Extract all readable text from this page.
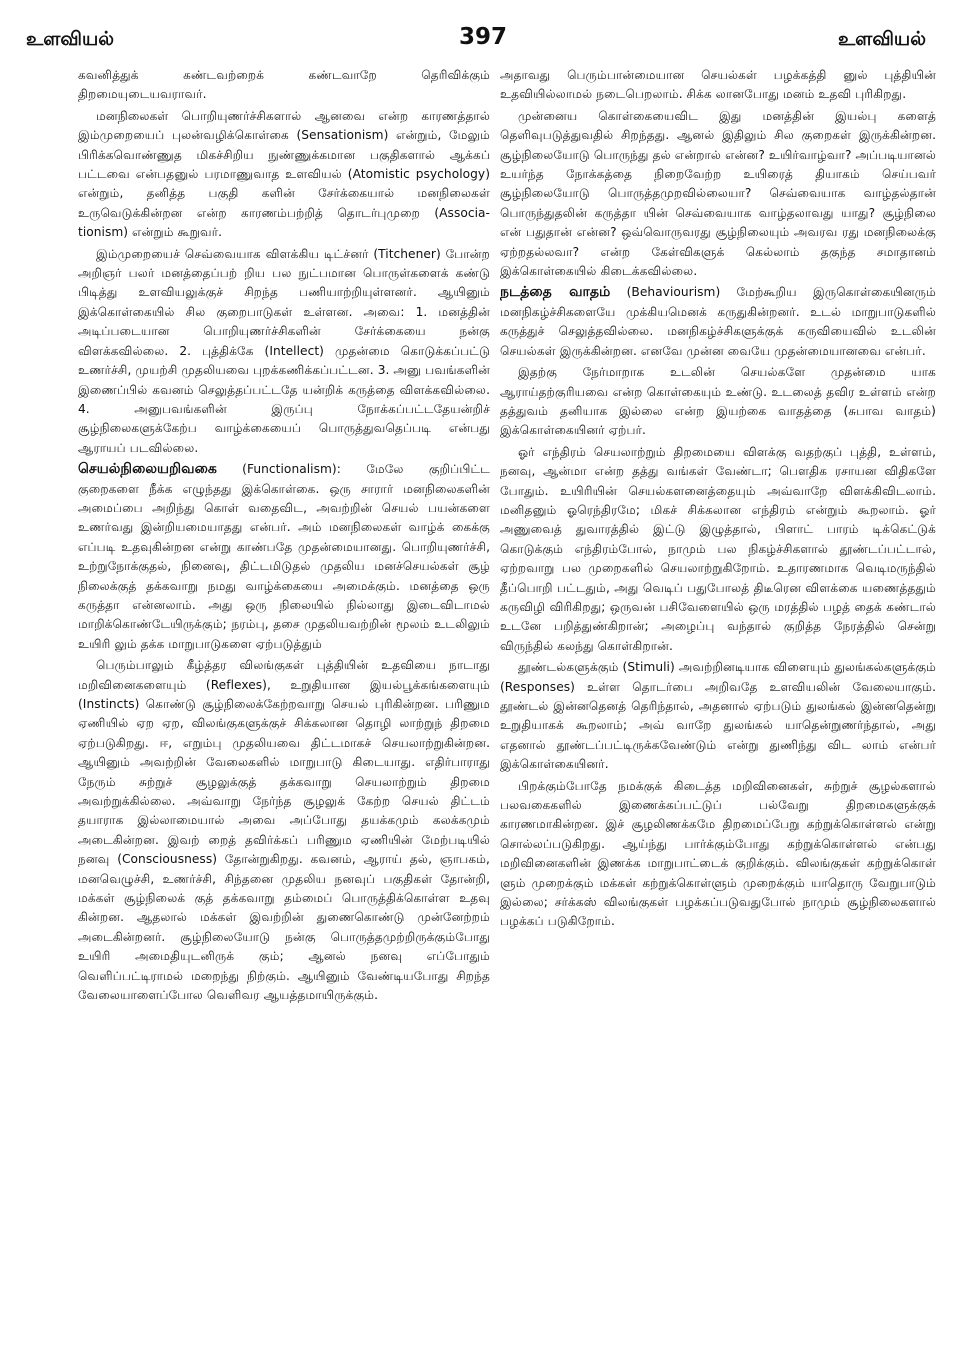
உளவியல்	397	உளவியல்

கவனித்துக் கண்டவற்றைக் கண்டவாறே தெரிவிக்கும் திறமையுடையவராவர்.

மனநிலைகள் பொறியுணர்ச்சிகளால் ஆனவை என்ற காரணத்தால் இம்முறையைப் புலன்வழிக்கொள்கை (Sensationism) என்றும், மேலும் பிரிக்கவொண்ணுத மிகச்சிறிய நுண்ணுக்கமான பகுதிகளால் ஆக்கப் பட்டவை என்பதனுல் பரமாணுவாத உளவியல் (Atomistic psychology) என்றும், தனித்த பகுதி களின் சேர்க்கையால் மனநிலைகள் உருவெடுக்கின்றன என்ற காரணம்பற்றித் தொடர்புமுறை (Associa- tionism) என்றும் கூறுவர்.

இம்முறையைச் செவ்வையாக விளக்கிய டிட்ச்னர் (Titchener) போன்ற அறிஞர் பலர் மனத்தைப்பற் றிய பல நுட்பமான பொருள்களைக் கண்டு பிடித்து உளவியலுக்குச் சிறந்த பணியாற்றியுள்ளனர். ஆயினும் இக்கொள்கையில் சில குறைபாடுகள் உள்ளன. அவை: 1. மனத்தின் அடிப்படையான பொறியுணர்ச்சிகளின் சேர்க்கையை நன்கு விளக்கவில்லை. 2. புத்திக்கே (Intellect) முதன்மை கொடுக்கப்பட்டு உணர்ச்சி, முயற்சி முதலியவை புறக்கணிக்கப்பட்டன. 3. அனு பவங்களின் இணைப்பில் கவனம் செலுத்தப்பட்டதே யன்றிக் கருத்தை விளக்கவில்லை. 4. அனுபவங்களின் இருப்பு நோக்கப்பட்டதேயன்றிச் சூழ்நிலைகளுக்கேற்ப வாழ்க்கையைப் பொருத்துவதெப்படி என்பது ஆராயப் படவில்லை.

செயல்நிலையறிவகை (Functionalism): மேலே குறிப்பிட்ட குறைகளை நீக்க எழுந்தது இக்கொள்கை. ஒரு சாரார் மனநிலைகளின் அமைப்பை அறிந்து கொள் வதைவிட, அவற்றின் செயல் பயன்களை உணர்வது இன்றியமையாதது என்பர். அம் மனநிலைகள் வாழ்க் கைக்கு எப்படி உதவுகின்றன என்று காண்பதே முதன்மையானது. பொறியுணர்ச்சி, உற்றுநோக்குதல், நினைவு, திட்டமிடுதல் முதலிய மனச்செயல்கள் சூழ் நிலைக்குத் தக்கவாறு நமது வாழ்க்கையை அமைக்கும். மனத்தை ஒரு கருத்தா என்னலாம். அது ஒரு நிலையில் நில்லாது இடைவிடாமல் மாறிக்கொண்டேயிருக்கும்; நரம்பு, தசை முதலியவற்றின் மூலம் உடலிலும் உயிரி லும் தக்க மாறுபாடுகளை ஏற்படுத்தும்

பெரும்பாலும் கீழ்த்தர விலங்குகள் புத்தியின் உதவியை நாடாது மறிவினைகளையும் (Reflexes), உறுதியான இயல்பூக்கங்களையும் (Instincts) கொண்டு சூழ்நிலைக்கேற்றவாறு செயல் புரிகின்றன. பரிணும ஏணியில் ஏற ஏற, விலங்குகளுக்குச் சிக்கலான தொழி லாற்றுந் திறமை ஏற்படுகிறது. ஈ, எறும்பு முதலியவை திட்டமாகச் செயலாற்றுகின்றன. ஆயினும் அவற்றின் வேலைகளில் மாறுபாடு கிடையாது. எதிர்பாராது நேரும் சுற்றுச் சூழலுக்குத் தக்கவாறு செயலாற்றும் திறமை அவற்றுக்கில்லை. அவ்வாறு நேர்ந்த சூழலுக் கேற்ற செயல் திட்டம் தயாராக இல்லாமையால் அவை அப்போது தயக்கமும் கலக்கமும் அடைகின்றன. இவற் றைத் தவிர்க்கப் பரிணும ஏணியின் மேற்படியில் நனவு (Consciousness) தோன்றுகிறது. கவனம், ஆராய் தல், ஞாபகம், மனவெழுச்சி, உணர்ச்சி, சிந்தனை முதலிய நனவுப் பகுதிகள் தோன்றி, மக்கள் சூழ்நிலைக் குத் தக்கவாறு தம்மைப் பொருத்திக்கொள்ள உதவு கின்றன. ஆதலால் மக்கள் இவற்றின் துணைகொண்டு முன்னேற்றம் அடைகின்றனர். சூழ்நிலையோடு நன்கு பொருத்தமுற்றிருக்கும்போது உயிரி அமைதியுடனிருக் கும்; ஆனல் நனவு எப்போதும் வெளிப்பட்டிராமல் மறைந்து நிற்கும். ஆயினும் வேண்டியபோது சிறந்த வேலையாளைப்போல வெளிவர ஆயத்தமாயிருக்கும்.

அதாவது பெரும்பான்மையான செயல்கள் பழக்கத்தி னுல் புத்தியின் உதவியில்லாமல் நடைபெறலாம். சிக்க லானபோது மனம் உதவி புரிகிறது.

முன்னைய கொள்கையைவிட இது மனத்தின் இயல்பு களைத் தெளிவுபடுத்துவதில் சிறந்தது. ஆனல் இதிலும் சில குறைகள் இருக்கின்றன. சூழ்நிலையோடு பொருந்து தல் என்றால் என்ன? உயிர்வாழ்வா? அப்படியானல் உயர்ந்த நோக்கத்தை நிறைவேற்ற உயிரைத் தியாகம் செய்பவர் சூழ்நிலையோடு பொருத்தமுறவில்லையா? செவ்வையாக வாழ்தல்தான் பொருந்துதலின் கருத்தா யின் செவ்வையாக வாழ்தலாவது யாது? சூழ்நிலை என் பதுதான் என்ன? ஒவ்வொருவரது சூழ்நிலையும் அவரவ ரது மனநிலைக்கு ஏற்றதல்லவா? என்ற கேள்விகளுக் கெல்லாம் தகுந்த சமாதானம் இக்கொள்கையில் கிடைக்கவில்லை.

நடத்தை வாதம் (Behaviourism) மேற்கூறிய இருகொள்கையினரும் மனநிகழ்ச்சிகளையே முக்கியமெனக் கருதுகின்றனர். உடல் மாறுபாடுகளில் கருத்துச் செலுத்தவில்லை. மனநிகழ்ச்சிகளுக்குக் கருவியைவில் உடலின் செயல்கள் இருக்கின்றன. எனவே முன்ன வையே முதன்மையானவை என்பர்.

இதற்கு நேர்மாறாக உடலின் செயல்களே முதன்மை யாக ஆராய்தற்குரியவை என்ற கொள்கையும் உண்டு. உடலைத் தவிர உள்ளம் என்ற தத்துவம் தனியாக இல்லை என்ற இயற்கை வாதத்தை (சுபாவ வாதம்) இக்கொள்கையினர் ஏற்பர்.

ஓர் எந்திரம் செயலாற்றும் திறமையை விளக்கு வதற்குப் புத்தி, உள்ளம், நனவு, ஆன்மா என்ற தத்து வங்கள் வேண்டா; பௌதிக ரசாயன விதிகளே போதும். உயிரியின் செயல்களனைத்தையும் அவ்வாறே விளக்கிவிடலாம். மனிதனும் ஓரெந்திரமே; மிகச் சிக்கலான எந்திரம் என்றும் கூறலாம். ஓர் அணுவைத் துவாரத்தில் இட்டு இழுத்தால், பிளாட் பாரம் டிக்கெட்டுக் கொடுக்கும் எந்திரம்போல், நாமும் பல நிகழ்ச்சிகளால் தூண்டப்பட்டால், ஏற்றவாறு பல முறைகளில் செயலாற்றுகிறோம். உதாரணமாக வெடிமருந்தில் தீப்பொறி பட்டதும், அது வெடிப் பதுபோலத் திடீரென விளக்கை யணைத்ததும் கருவிழி விரிகிறது; ஒருவன் பசிவேளையில் ஒரு மரத்தில் பழத் தைக் கண்டால் உடனே பறித்துண்கிறான்; அழைப்பு வந்தால் குறித்த நேரத்தில் சென்று விருந்தில் கலந்து கொள்கிறான்.

தூண்டல்களுக்கும் (Stimuli) அவற்றினடியாக விளையும் துலங்கல்களுக்கும் (Responses) உள்ள தொடர்பை அறிவதே உளவியலின் வேலையாகும். தூண்டல் இன்னதெனத் தெரிந்தால், அதனால் ஏற்படும் துலங்கல் இன்னதென்று உறுதியாகக் கூறலாம்; அவ் வாறே துலங்கல் யாதென்றுணர்ந்தால், அது எதனால் தூண்டப்பட்டிருக்கவேண்டும் என்று துணிந்து விட லாம் என்பர் இக்கொள்கையினர்.

பிறக்கும்போதே நமக்குக் கிடைத்த மறிவினைகள், சுற்றுச் சூழல்களால் பலவகைகளில் இணைக்கப்பட்டுப் பல்வேறு திறமைகளுக்குக் காரணமாகின்றன. இச் சூழலிணக்கமே திறமைப்பேறு கற்றுக்கொள்ளல் என்று சொல்லப்படுகிறது. ஆய்ந்து பார்க்கும்போது கற்றுக்கொள்ளல் என்பது மறிவினைகளின் இணக்க மாறுபாட்டைக் குறிக்கும். விலங்குகள் கற்றுக்கொள் ளும் முறைக்கும் மக்கள் கற்றுக்கொள்ளும் முறைக்கும் யாதொரு வேறுபாடும் இல்லை; சர்க்கஸ் விலங்குகள் பழக்கப்படுவதுபோல் நாமும் சூழ்நிலைகளால் பழக்கப் படுகிறோம்.
